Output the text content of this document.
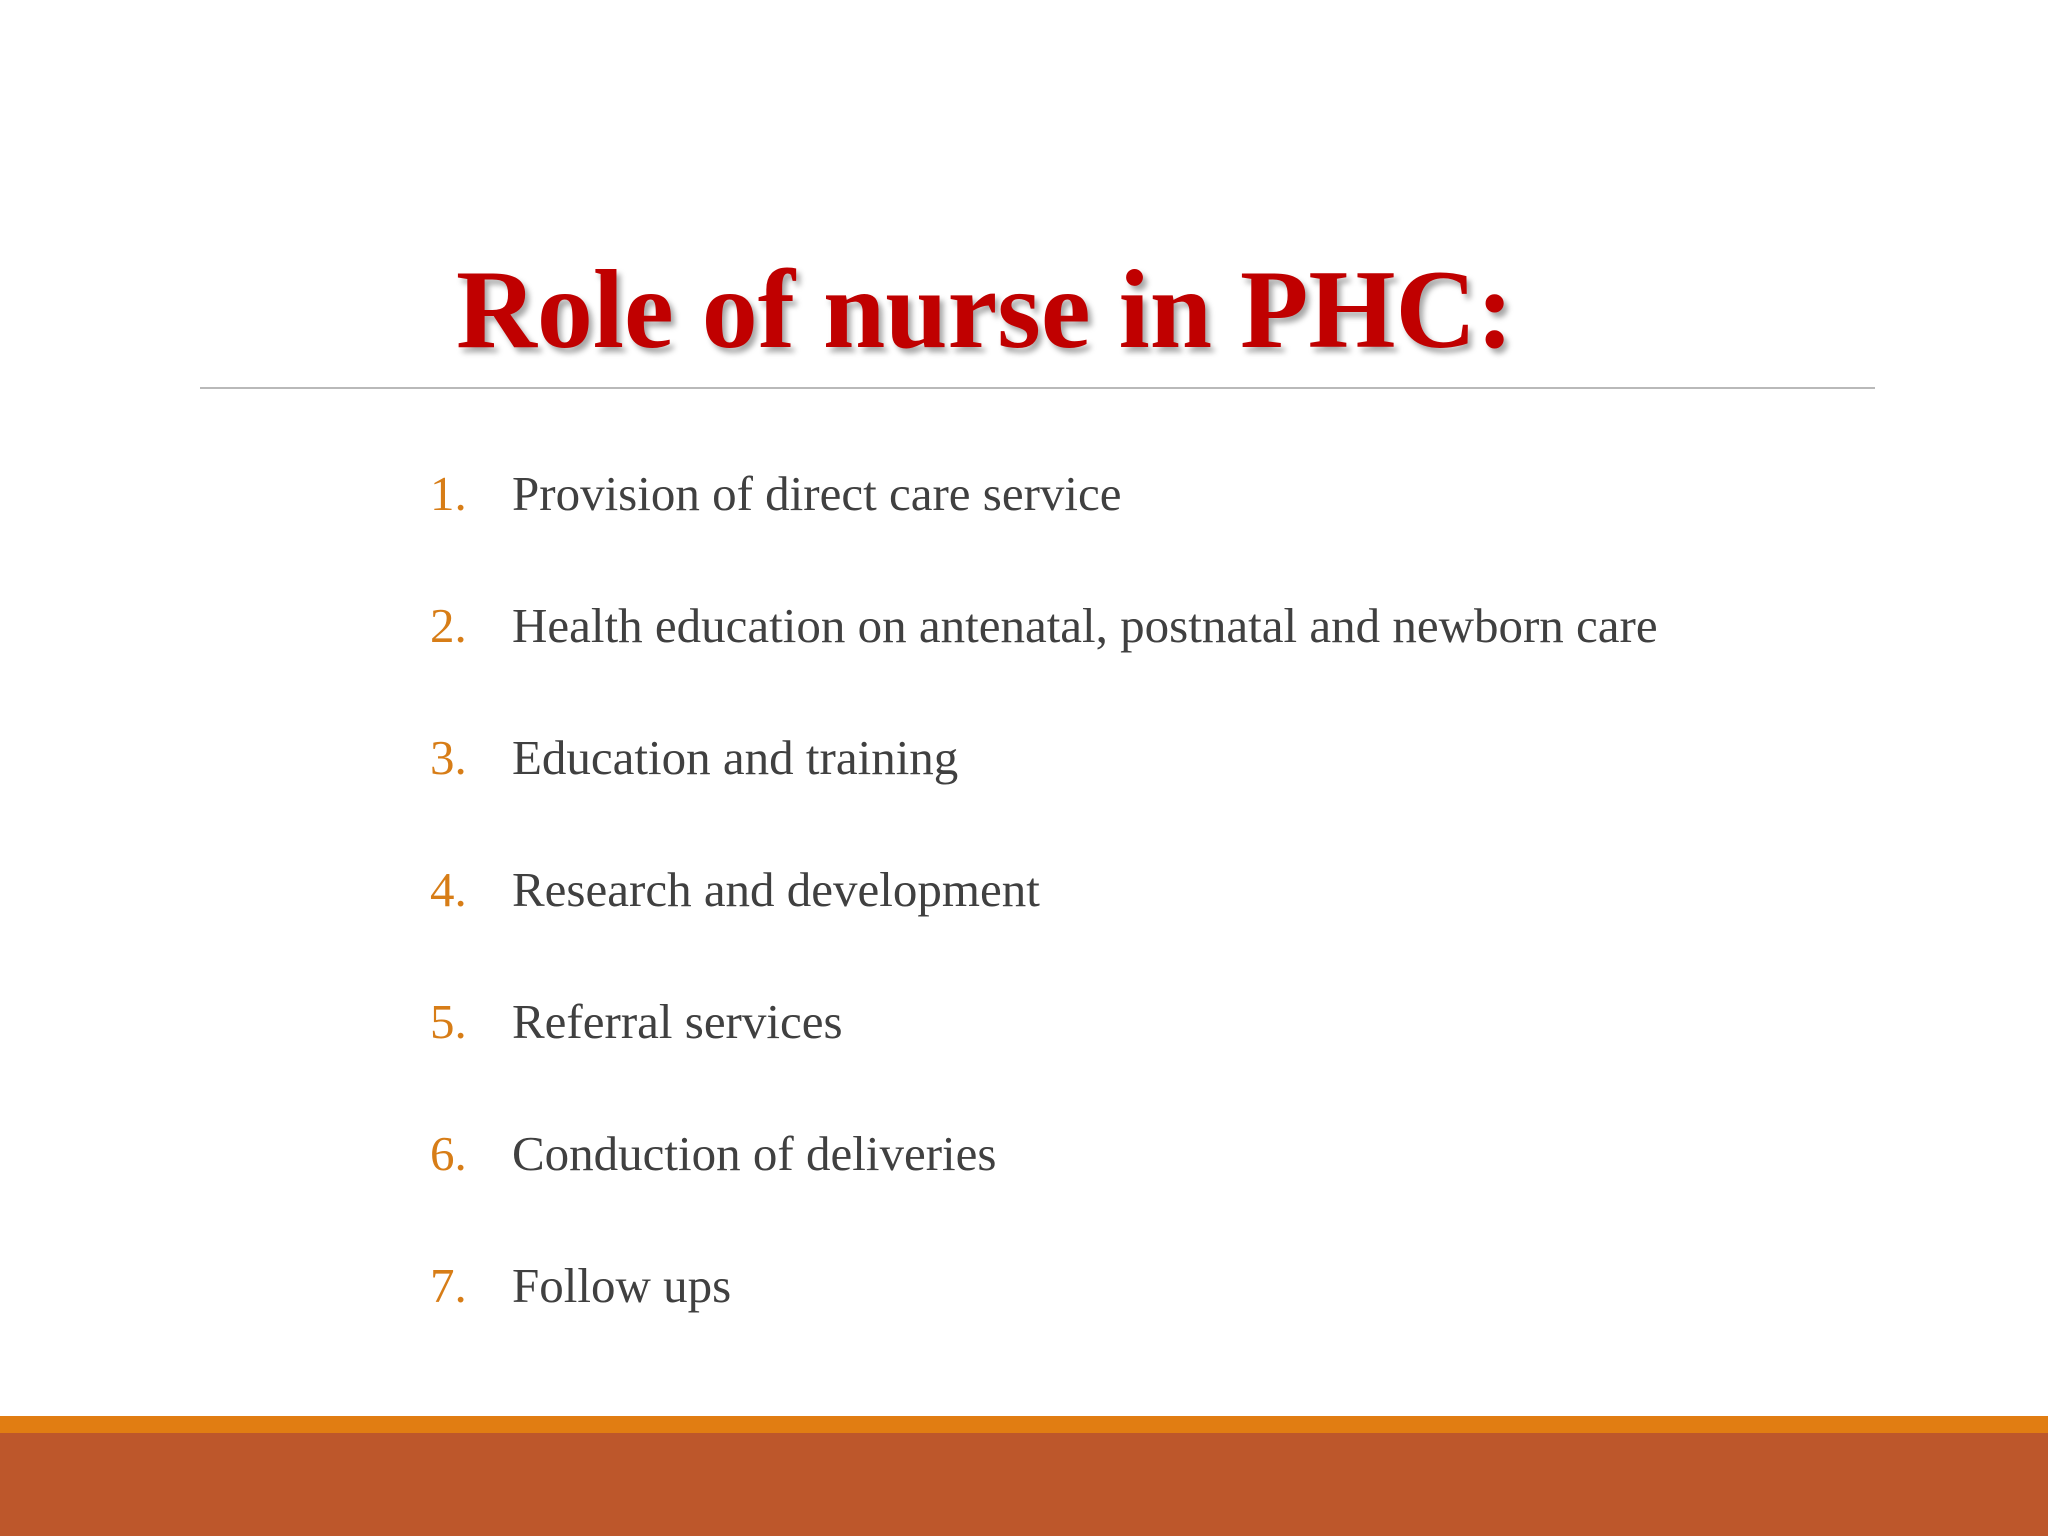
Role of nurse in PHC:
1. Provision of direct care service
2. Health education on antenatal, postnatal and newborn care
3. Education and training
4. Research and development
5. Referral services
6. Conduction of deliveries
7. Follow ups
